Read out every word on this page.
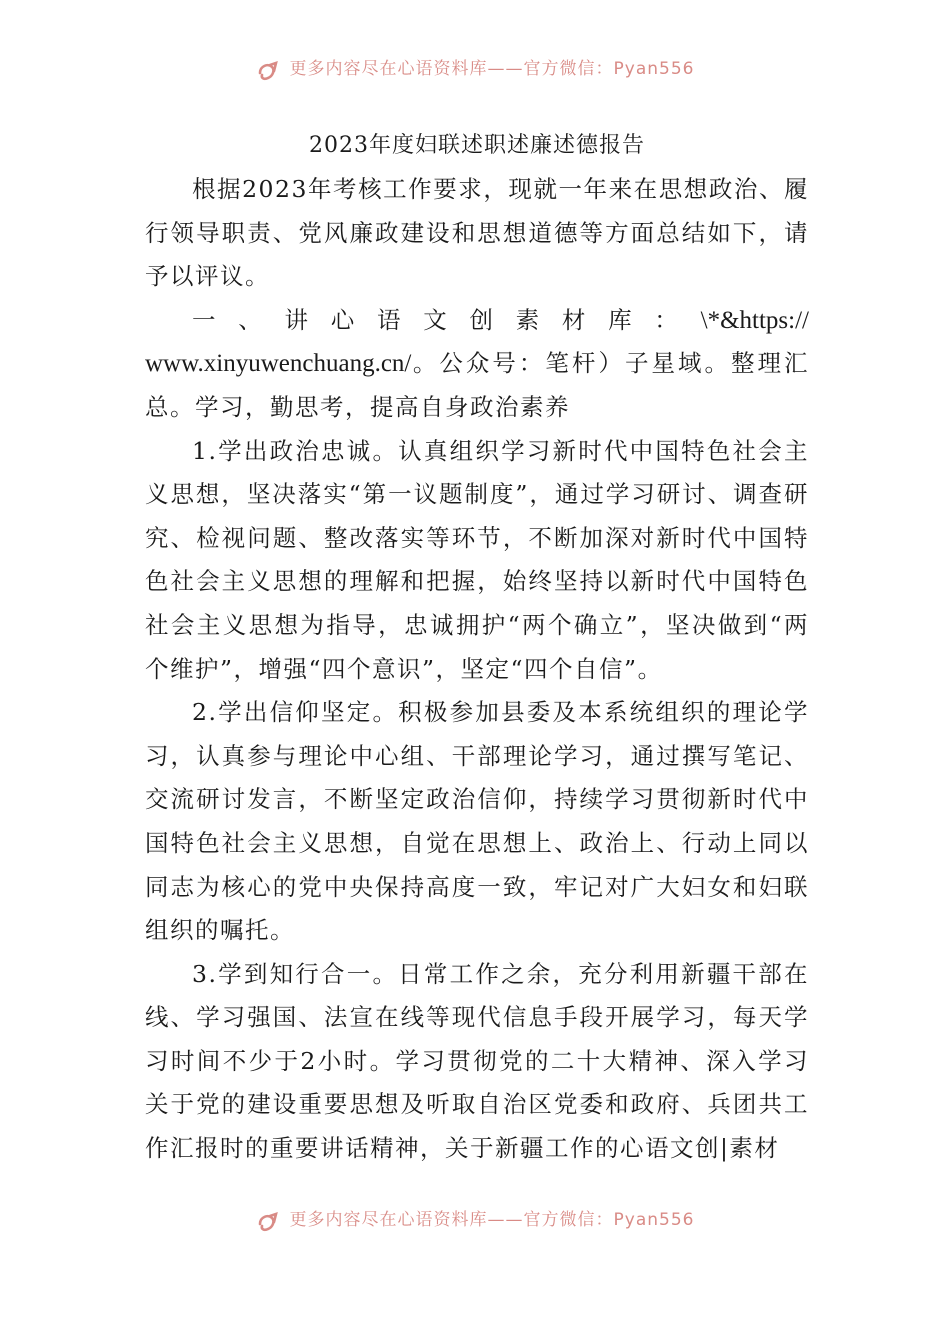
更多内容尽在心语资料库——官方微信：Pyan556
2023年度妇联述职述廉述德报告

根据2023年考核工作要求，现就一年来在思想政治、履行领导职责、党风廉政建设和思想道德等方面总结如下，请予以评议。

一、讲心语文创素材库：\*&https://www.xinyuwenchuang.cn/。公众号：笔杆）子星域。整理汇总。学习，勤思考，提高自身政治素养

1.学出政治忠诚。认真组织学习新时代中国特色社会主义思想，坚决落实“第一议题制度”，通过学习研讨、调查研究、检视问题、整改落实等环节，不断加深对新时代中国特色社会主义思想的理解和把握，始终坚持以新时代中国特色社会主义思想为指导，忠诚拥护“两个确立”，坚决做到“两个维护”，增强“四个意识”，坚定“四个自信”。

2.学出信仰坚定。积极参加县委及本系统组织的理论学习，认真参与理论中心组、干部理论学习，通过撰写笔记、交流研讨发言，不断坚定政治信仰，持续学习贯彻新时代中国特色社会主义思想，自觉在思想上、政治上、行动上同以同志为核心的党中央保持高度一致，牢记对广大妇女和妇联组织的嘱托。

3.学到知行合一。日常工作之余，充分利用新疆干部在线、学习强国、法宣在线等现代信息手段开展学习，每天学习时间不少于2小时。学习贯彻党的二十大精神、深入学习关于党的建设重要思想及听取自治区党委和政府、兵团共工作汇报时的重要讲话精神，关于新疆工作的心语文创|素材

更多内容尽在心语资料库——官方微信：Pyan556
